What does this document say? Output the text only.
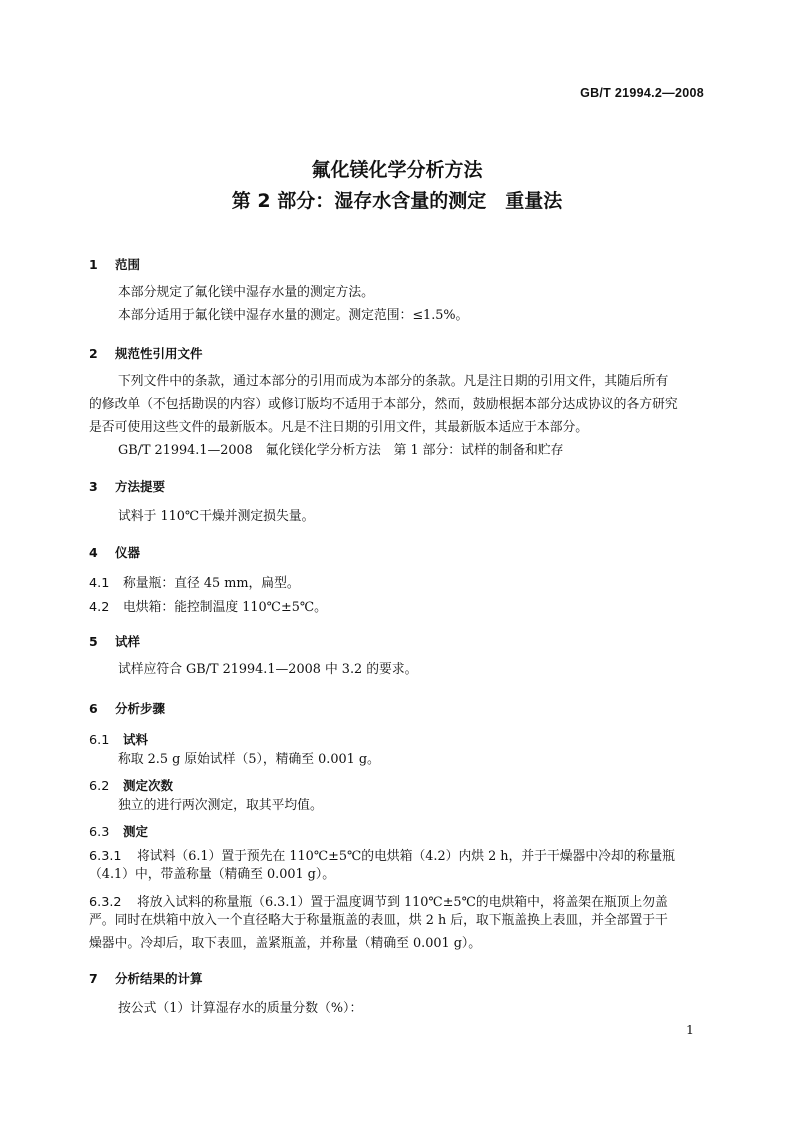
GB/T 21994.2—2008
氟化镁化学分析方法
第 2 部分：湿存水含量的测定　重量法
1 范围
本部分规定了氟化镁中湿存水量的测定方法。
本部分适用于氟化镁中湿存水量的测定。测定范围：≤1.5%。
2 规范性引用文件
下列文件中的条款，通过本部分的引用而成为本部分的条款。凡是注日期的引用文件，其随后所有
的修改单（不包括勘误的内容）或修订版均不适用于本部分，然而，鼓励根据本部分达成协议的各方研究
是否可使用这些文件的最新版本。凡是不注日期的引用文件，其最新版本适应于本部分。
GB/T 21994.1—2008　氟化镁化学分析方法　第 1 部分：试样的制备和贮存
3 方法提要
试料于 110℃干燥并测定损失量。
4 仪器
4.1 称量瓶：直径 45 mm，扁型。
4.2 电烘箱：能控制温度 110℃±5℃。
5 试样
试样应符合 GB/T 21994.1—2008 中 3.2 的要求。
6 分析步骤
6.1 试料
称取 2.5 g 原始试样（5），精确至 0.001 g。
6.2 测定次数
独立的进行两次测定，取其平均值。
6.3 测定
6.3.1 将试料（6.1）置于预先在 110℃±5℃的电烘箱（4.2）内烘 2 h，并于干燥器中冷却的称量瓶
（4.1）中，带盖称量（精确至 0.001 g）。
6.3.2 将放入试料的称量瓶（6.3.1）置于温度调节到 110℃±5℃的电烘箱中，将盖架在瓶顶上勿盖
严。同时在烘箱中放入一个直径略大于称量瓶盖的表皿，烘 2 h 后，取下瓶盖换上表皿，并全部置于干
燥器中。冷却后，取下表皿，盖紧瓶盖，并称量（精确至 0.001 g）。
7 分析结果的计算
按公式（1）计算湿存水的质量分数（%）：
1
